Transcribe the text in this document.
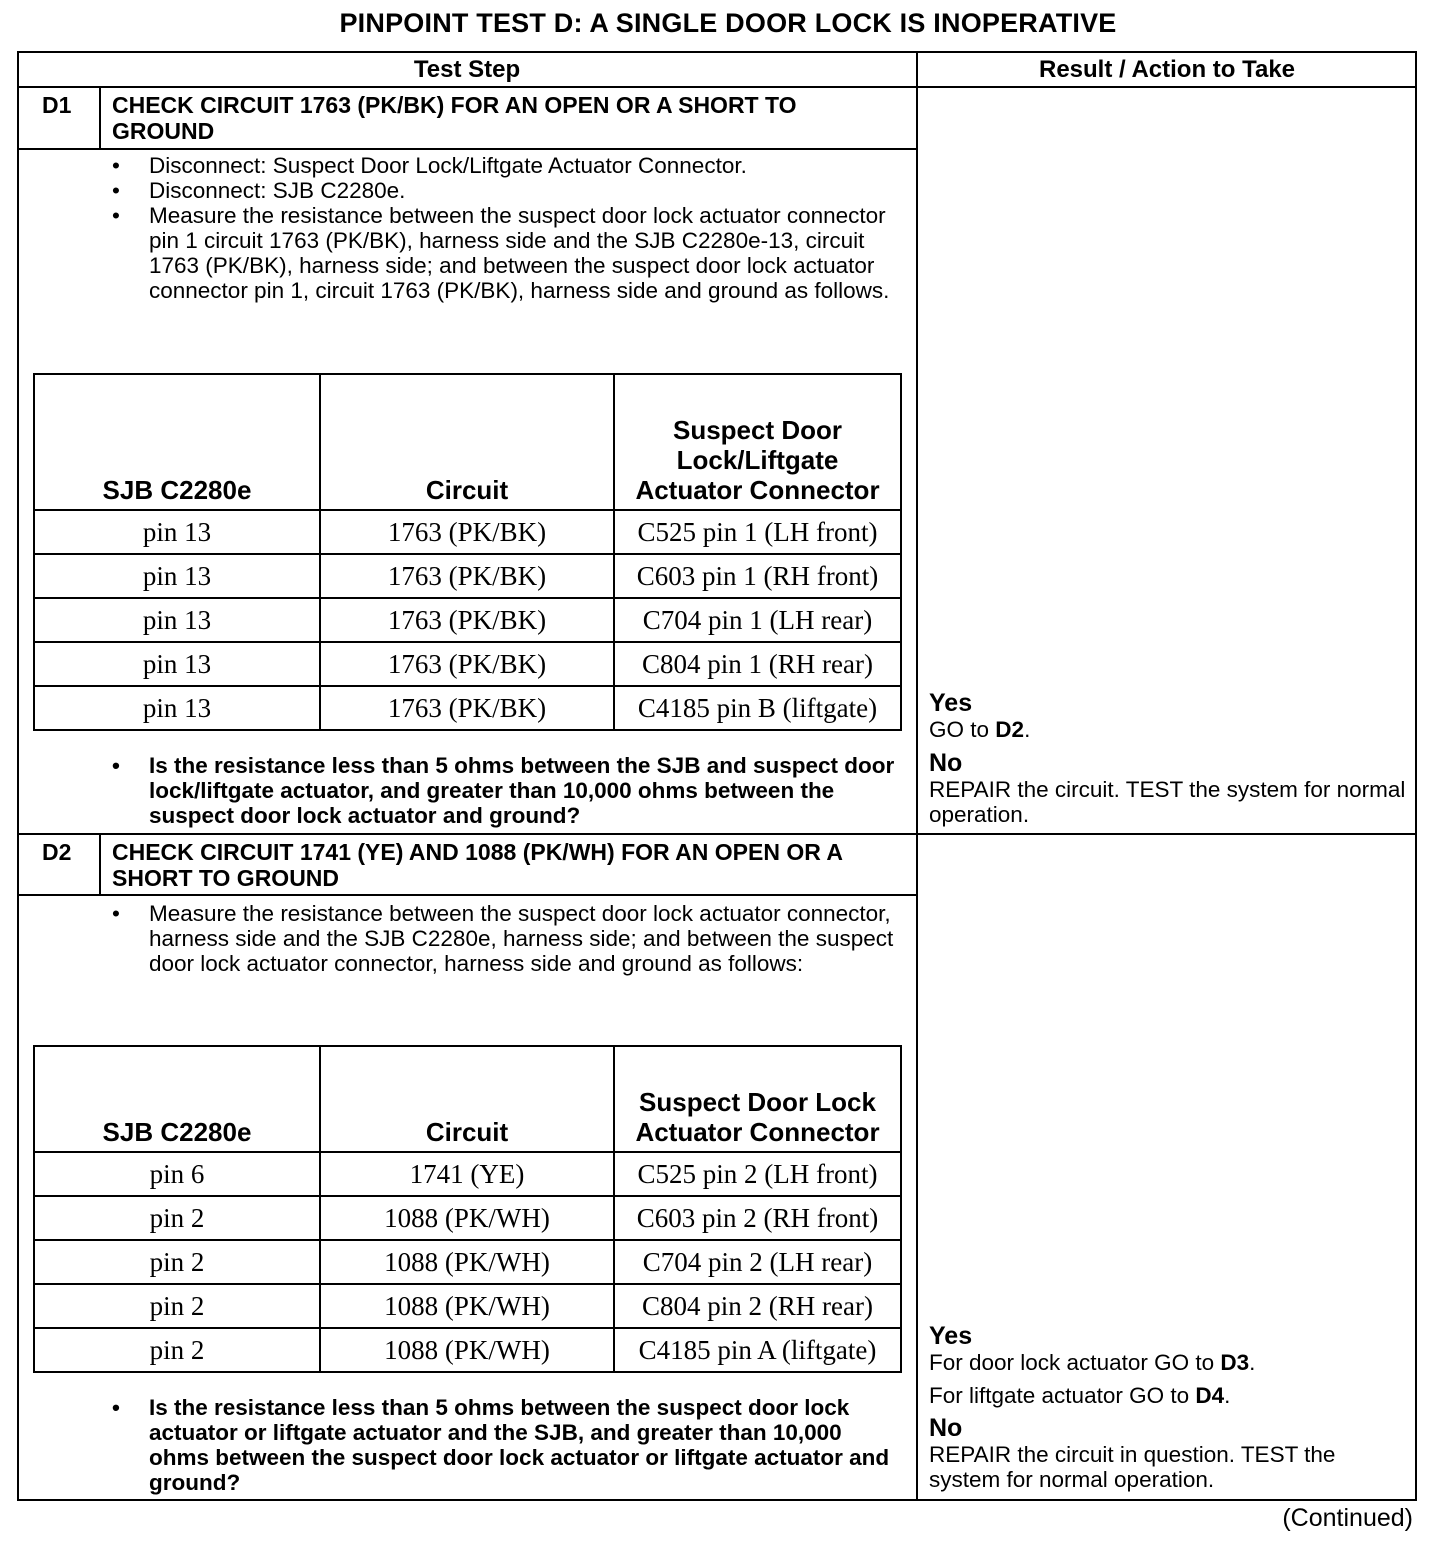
PINPOINT TEST D: A SINGLE DOOR LOCK IS INOPERATIVE
Test Step	Result / Action to Take
D1 CHECK CIRCUIT 1763 (PK/BK) FOR AN OPEN OR A SHORT TO GROUND
• Disconnect: Suspect Door Lock/Liftgate Actuator Connector.
• Disconnect: SJB C2280e.
• Measure the resistance between the suspect door lock actuator connector pin 1 circuit 1763 (PK/BK), harness side and the SJB C2280e-13, circuit 1763 (PK/BK), harness side; and between the suspect door lock actuator connector pin 1, circuit 1763 (PK/BK), harness side and ground as follows.
SJB C2280e	Circuit	Suspect Door Lock/Liftgate Actuator Connector
pin 13	1763 (PK/BK)	C525 pin 1 (LH front)
pin 13	1763 (PK/BK)	C603 pin 1 (RH front)
pin 13	1763 (PK/BK)	C704 pin 1 (LH rear)
pin 13	1763 (PK/BK)	C804 pin 1 (RH rear)
pin 13	1763 (PK/BK)	C4185 pin B (liftgate)
• Is the resistance less than 5 ohms between the SJB and suspect door lock/liftgate actuator, and greater than 10,000 ohms between the suspect door lock actuator and ground?
Yes
GO to D2.
No
REPAIR the circuit. TEST the system for normal operation.
D2 CHECK CIRCUIT 1741 (YE) AND 1088 (PK/WH) FOR AN OPEN OR A SHORT TO GROUND
• Measure the resistance between the suspect door lock actuator connector, harness side and the SJB C2280e, harness side; and between the suspect door lock actuator connector, harness side and ground as follows:
SJB C2280e	Circuit	Suspect Door Lock Actuator Connector
pin 6	1741 (YE)	C525 pin 2 (LH front)
pin 2	1088 (PK/WH)	C603 pin 2 (RH front)
pin 2	1088 (PK/WH)	C704 pin 2 (LH rear)
pin 2	1088 (PK/WH)	C804 pin 2 (RH rear)
pin 2	1088 (PK/WH)	C4185 pin A (liftgate)
• Is the resistance less than 5 ohms between the suspect door lock actuator or liftgate actuator and the SJB, and greater than 10,000 ohms between the suspect door lock actuator or liftgate actuator and ground?
Yes
For door lock actuator GO to D3.
For liftgate actuator GO to D4.
No
REPAIR the circuit in question. TEST the system for normal operation.
(Continued)
